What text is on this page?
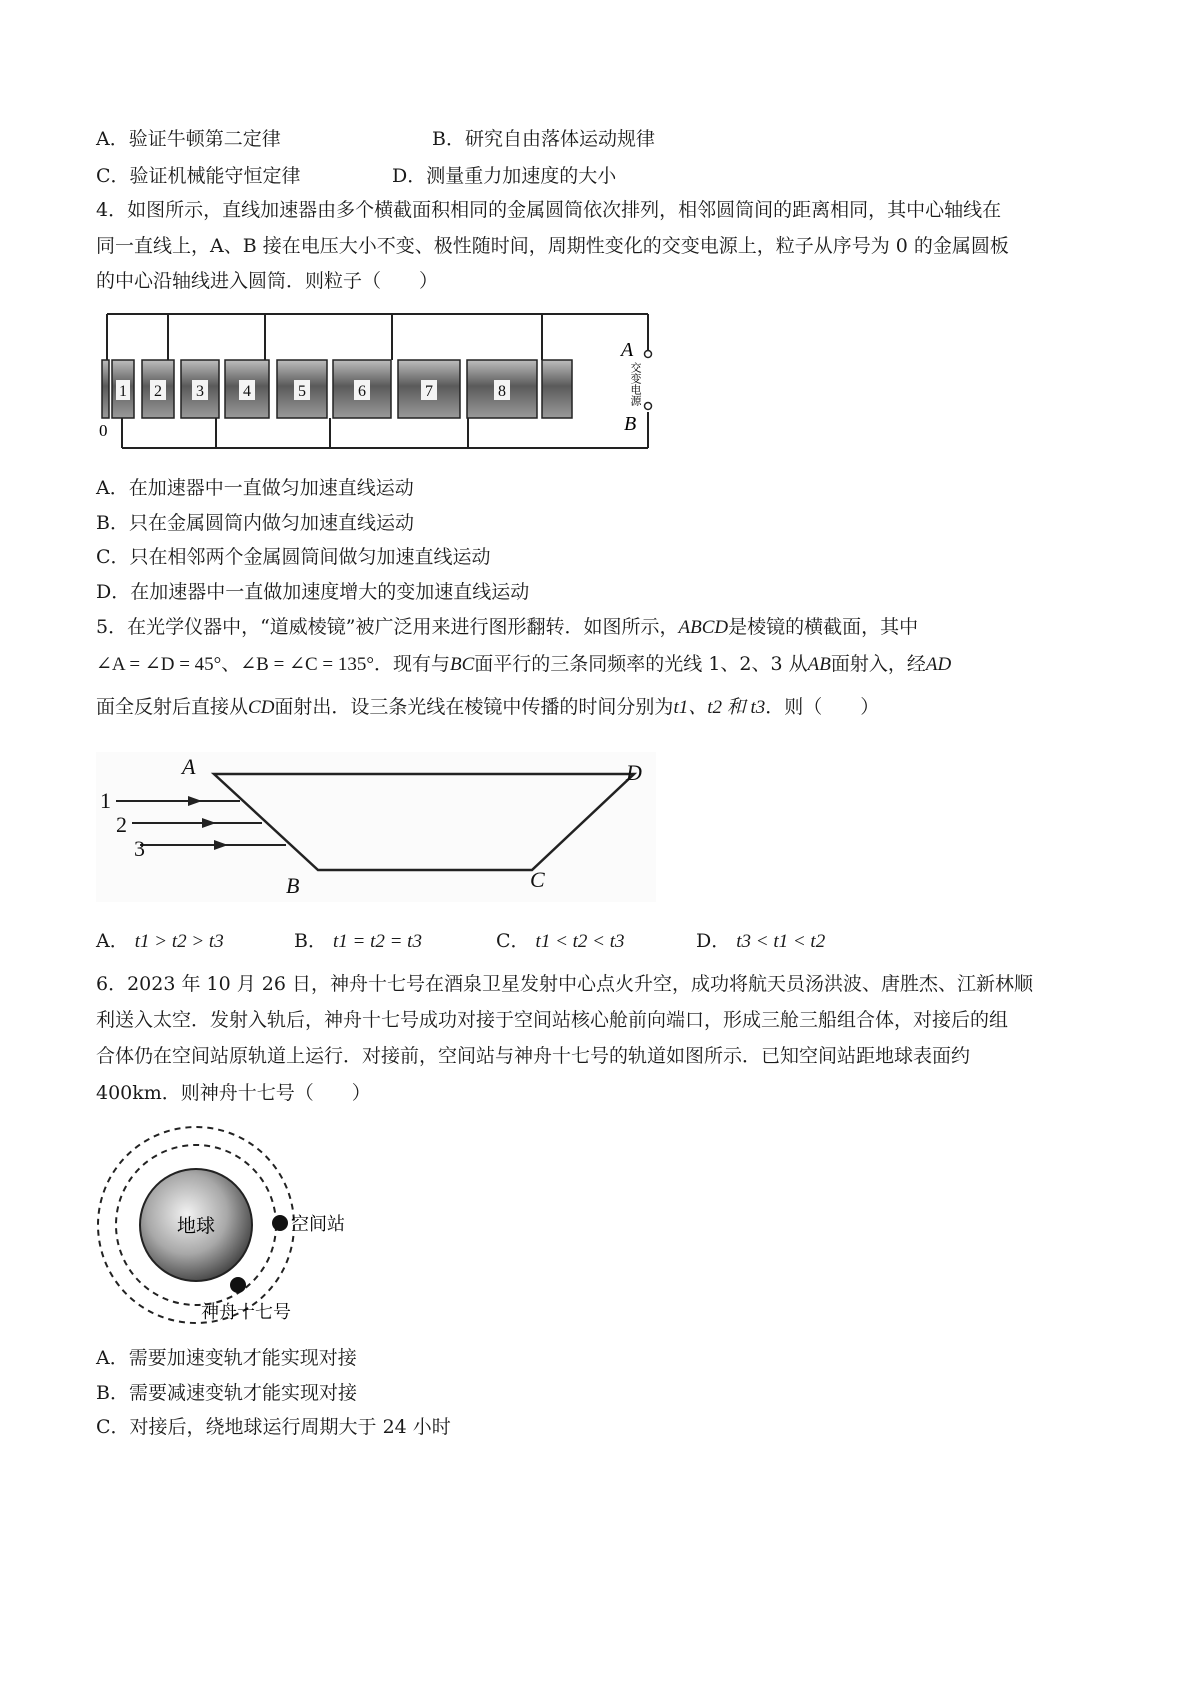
A．验证牛顿第二定律	B．研究自由落体运动规律
C．验证机械能守恒定律	D．测量重力加速度的大小
4．如图所示，直线加速器由多个横截面积相同的金属圆筒依次排列，相邻圆筒间的距离相同，其中心轴线在
同一直线上，A、B 接在电压大小不变、极性随时间，周期性变化的交变电源上，粒子从序号为 0 的金属圆板
的中心沿轴线进入圆筒．则粒子（　　）
0
1 2 3 4	5	6	7	8
A
B
交变电源
A．在加速器中一直做匀加速直线运动
B．只在金属圆筒内做匀加速直线运动
C．只在相邻两个金属圆筒间做匀加速直线运动
D．在加速器中一直做加速度增大的变加速直线运动
5．在光学仪器中，“道威棱镜”被广泛用来进行图形翻转．如图所示，ABCD是棱镜的横截面，其中
∠A = ∠D = 45°、∠B = ∠C = 135°．现有与BC面平行的三条同频率的光线 1、2、3 从AB面射入，经AD
面全反射后直接从CD面射出．设三条光线在棱镜中传播的时间分别为t1、t2 和 t3．则（　　）
A
B	C
D
1
2
3
A． t1 > t2 > t3	B． t1 = t2 = t3	C． t1 < t2 < t3	D． t3 < t1 < t2
6．2023 年 10 月 26 日，神舟十七号在酒泉卫星发射中心点火升空，成功将航天员汤洪波、唐胜杰、江新林顺
利送入太空．发射入轨后，神舟十七号成功对接于空间站核心舱前向端口，形成三舱三船组合体，对接后的组
合体仍在空间站原轨道上运行．对接前，空间站与神舟十七号的轨道如图所示．已知空间站距地球表面约
400km．则神舟十七号（　　）
地球	空间站
神舟十七号
A．需要加速变轨才能实现对接
B．需要减速变轨才能实现对接
C．对接后，绕地球运行周期大于 24 小时
